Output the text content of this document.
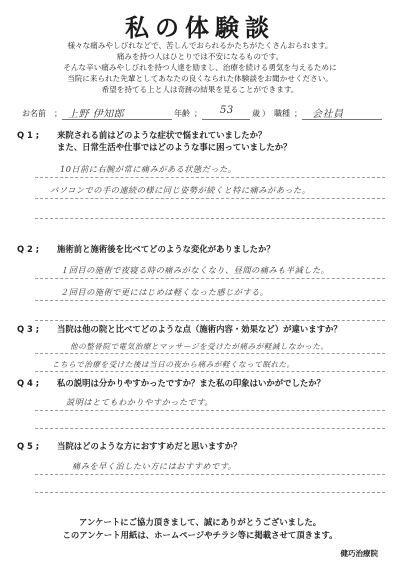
私の体験談
様々な痛みやしびれなどで、苦しんでおられるかたちがたくさんおられます。
痛みを持つ人はひとりでは不安になるものです。
そんな辛い痛みやしびれを持つ人達を励まし、治療を続ける勇気を与えるために
当院に来られた先輩としてあなたの良くなられた体験談をお聞かせください。
希望を持てる上と人は奇跡の結果を見ることができます。
お名前 ； 上野 伊知郎	年齢 ； 53 歳 ） 職種 ； 会社員
Q 1 ; 来院される前はどのような症状で悩まれていましたか？
また、日常生活や仕事ではどのような事に困っていましたか？
10日前に右腕が常に痛みがある状態だった。
パソコンでの手の連続の様に同じ姿勢が続くと特に痛みがあった。
Q 2 ; 施術前と施術後を比べてどのような変化がありましたか？
１回目の施術で夜寝る時の痛みがなくなり、昼間の痛みも半減した。
２回目の施術で更にはじめは軽くなった感じがする。
Q 3 ; 当院は他の院と比べてどのような点（施術内容・効果など）が違いますか？
他の整骨院で電気治療とマッサージを受けたが痛みが軽減しなかった。
こちらで治療を受けた後は当日の夜から痛みが軽くなって眠れた。
Q 4 ; 私の説明は分かりやすかったですか？また私の印象はいかがでしたか？
説明はとてもわかりやすかったです。
Q 5 ; 当院はどのような方におすすめだと思いますか？
痛みを早く治したい方にはおすすめです。
アンケートにご協力頂きまして、誠にありがとうございました。
このアンケート用紙は、ホームページやチラシ等に掲載させて頂きます。
健巧治療院
